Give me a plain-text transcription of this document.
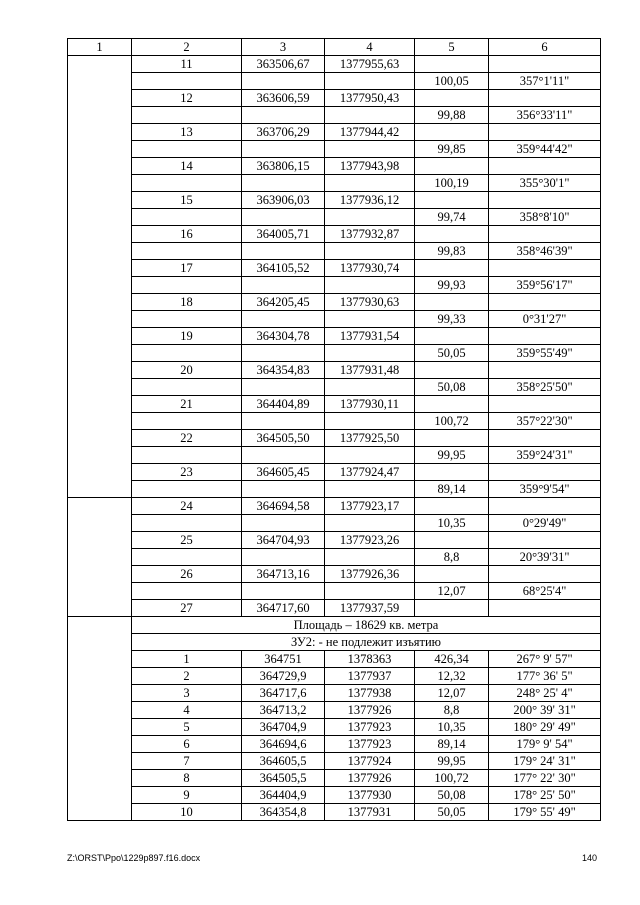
1	2	3	4	5	6
	11	363506,67	1377955,63		
				100,05	357°1'11"
	12	363606,59	1377950,43		
				99,88	356°33'11"
	13	363706,29	1377944,42		
				99,85	359°44'42"
	14	363806,15	1377943,98		
				100,19	355°30'1"
	15	363906,03	1377936,12		
				99,74	358°8'10"
	16	364005,71	1377932,87		
				99,83	358°46'39"
	17	364105,52	1377930,74		
				99,93	359°56'17"
	18	364205,45	1377930,63		
				99,33	0°31'27"
	19	364304,78	1377931,54		
				50,05	359°55'49"
	20	364354,83	1377931,48		
				50,08	358°25'50"
	21	364404,89	1377930,11		
				100,72	357°22'30"
	22	364505,50	1377925,50		
				99,95	359°24'31"
	23	364605,45	1377924,47		
				89,14	359°9'54"
	24	364694,58	1377923,17		
				10,35	0°29'49"
	25	364704,93	1377923,26		
				8,8	20°39'31"
	26	364713,16	1377926,36		
				12,07	68°25'4"
	27	364717,60	1377937,59		
	Площадь – 18629 кв. метра				
	ЗУ2: - не подлежит изъятию				
	1	364751	1378363	426,34	267° 9' 57"
	2	364729,9	1377937	12,32	177° 36' 5"
	3	364717,6	1377938	12,07	248° 25' 4"
	4	364713,2	1377926	8,8	200° 39' 31"
	5	364704,9	1377923	10,35	180° 29' 49"
	6	364694,6	1377923	89,14	179° 9' 54"
	7	364605,5	1377924	99,95	179° 24' 31"
	8	364505,5	1377926	100,72	177° 22' 30"
	9	364404,9	1377930	50,08	178° 25' 50"
	10	364354,8	1377931	50,05	179° 55' 49"
Z:\ORST\Ppo\1229p897.f16.docx	140
